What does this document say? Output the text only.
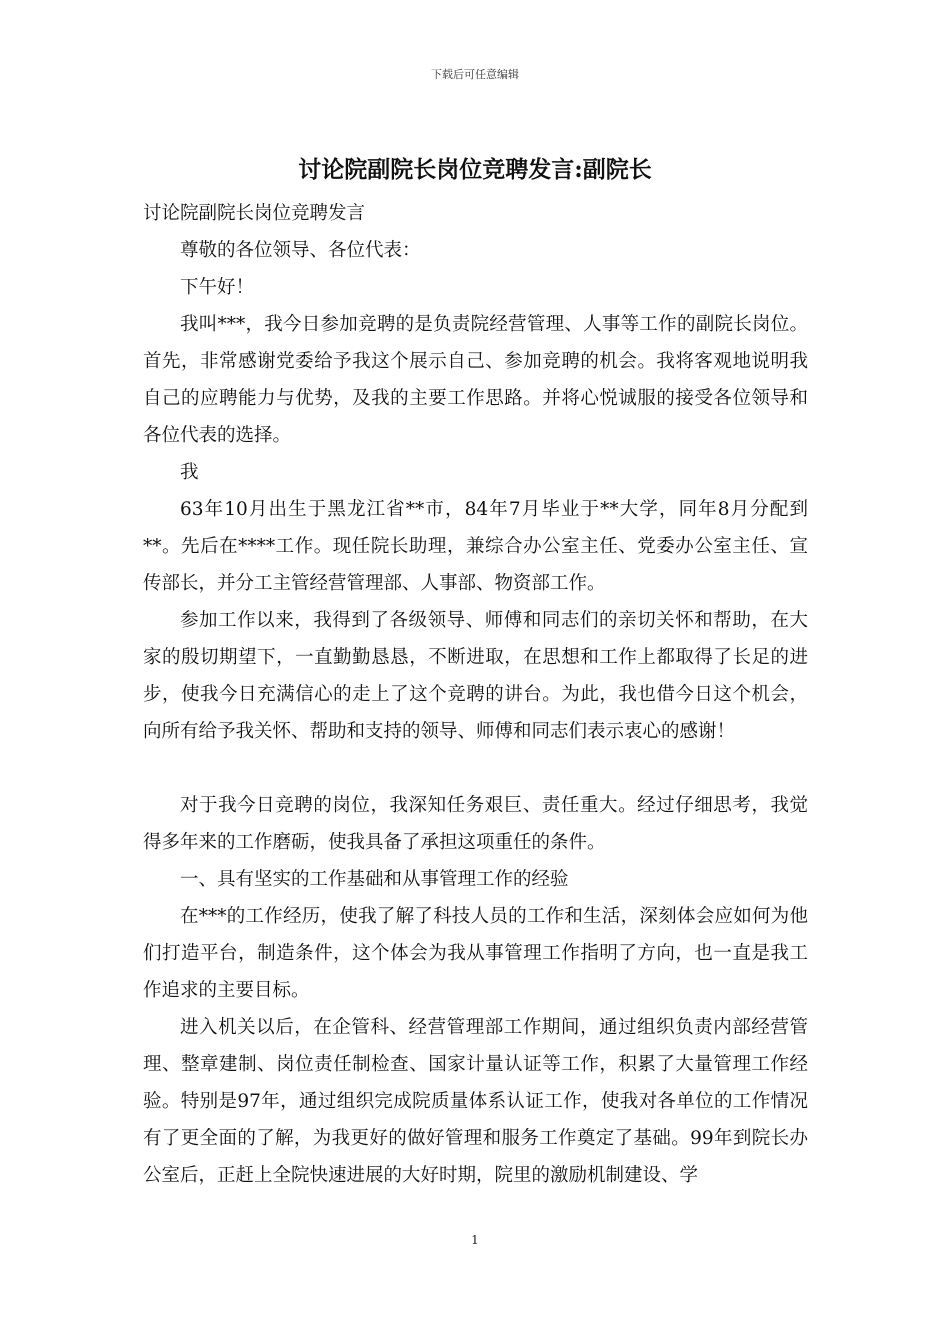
下载后可任意编辑
讨论院副院长岗位竞聘发言:副院长

讨论院副院长岗位竞聘发言

尊敬的各位领导、各位代表：

下午好！

我叫***，我今日参加竞聘的是负责院经营管理、人事等工作的副院长岗位。首先，非常感谢党委给予我这个展示自己、参加竞聘的机会。我将客观地说明我自己的应聘能力与优势，及我的主要工作思路。并将心悦诚服的接受各位领导和各位代表的选择。

我

63年10月出生于黑龙江省**市，84年7月毕业于**大学，同年8月分配到**。先后在****工作。现任院长助理，兼综合办公室主任、党委办公室主任、宣传部长，并分工主管经营管理部、人事部、物资部工作。

参加工作以来，我得到了各级领导、师傅和同志们的亲切关怀和帮助，在大家的殷切期望下，一直勤勤恳恳，不断进取，在思想和工作上都取得了长足的进步，使我今日充满信心的走上了这个竞聘的讲台。为此，我也借今日这个机会，向所有给予我关怀、帮助和支持的领导、师傅和同志们表示衷心的感谢！

对于我今日竞聘的岗位，我深知任务艰巨、责任重大。经过仔细思考，我觉得多年来的工作磨砺，使我具备了承担这项重任的条件。

一、具有坚实的工作基础和从事管理工作的经验

在***的工作经历，使我了解了科技人员的工作和生活，深刻体会应如何为他们打造平台，制造条件，这个体会为我从事管理工作指明了方向，也一直是我工作追求的主要目标。

进入机关以后，在企管科、经营管理部工作期间，通过组织负责内部经营管理、整章建制、岗位责任制检查、国家计量认证等工作，积累了大量管理工作经验。特别是97年，通过组织完成院质量体系认证工作，使我对各单位的工作情况有了更全面的了解，为我更好的做好管理和服务工作奠定了基础。99年到院长办公室后，正赶上全院快速进展的大好时期，院里的激励机制建设、学

1
